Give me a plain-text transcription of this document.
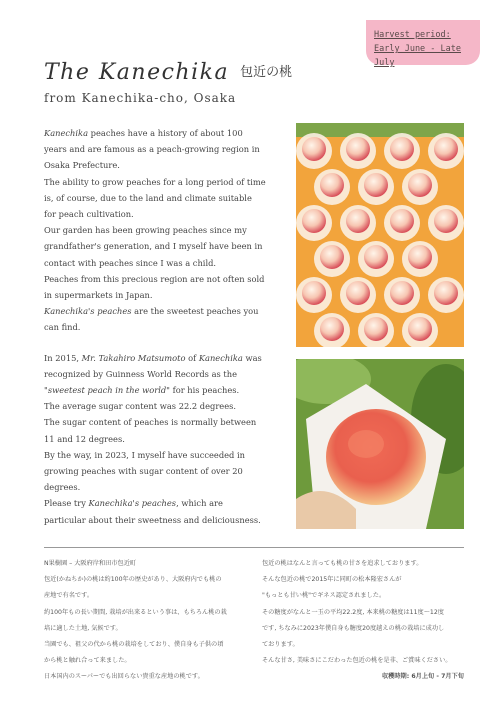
Harvest period:
Early June - Late July
The Kanechika 包近の桃
from Kanechika-cho, Osaka

Kanechika peaches have a history of about 100 years and are famous as a peach-growing region in Osaka Prefecture.

The ability to grow peaches for a long period of time is, of course, due to the land and climate suitable for peach cultivation.

Our garden has been growing peaches since my grandfather's generation, and I myself have been in contact with peaches since I was a child.

Peaches from this precious region are not often sold in supermarkets in Japan.

Kanechika's peaches are the sweetest peaches you can find.

In 2015, Mr. Takahiro Matsumoto of Kanechika was recognized by Guinness World Records as the "sweetest peach in the world" for his peaches.

The average sugar content was 22.2 degrees.

The sugar content of peaches is normally between 11 and 12 degrees.

By the way, in 2023, I myself have succeeded in growing peaches with sugar content of over 20 degrees.

Please try Kanechika's peaches, which are particular about their sweetness and deliciousness.

N果樹園 – 大阪府岸和田市包近町

包近(かねちか)の桃は約100年の歴史があり、大阪府内でも桃の

産地で有名です。

約100年もの長い期間, 栽培が出来るという事は、もちろん桃の栽

培に適した土地, 気候です。

当園でも、祖父の代から桃の栽培をしており、僕自身も子供の頃

から桃と触れ合って来ました。

日本国内のスーパーでも出回らない貴重な産地の桃です。

包近の桃はなんと言っても桃の甘さを追求しております。

そんな包近の桃で2015年に同町の松本隆宏さんが

"もっとも甘い桃"でギネス認定されました。

その糖度がなんと一玉の平均22.2度, 本来桃の糖度は11度〜12度

です, ちなみに2023年僕自身も糖度20度越えの桃の栽培に成功し

ております。

そんな甘さ, 美味さにこだわった包近の桃を是非、ご賞味ください。

収穫時期: 6月上旬 - 7月下旬
